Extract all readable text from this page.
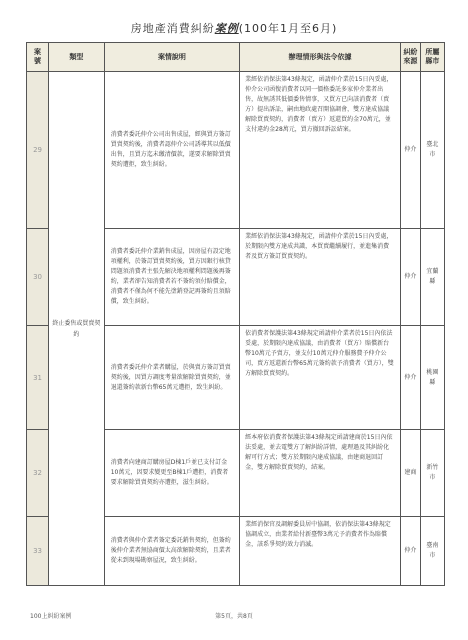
房地產消費糾紛案例(100年1月至6月)
案號	類型	案情說明	辦理情形與法令依據	糾紛來源	所屬縣市

29	終止委售或買賣契約	消費者委託仲介公司出售成屋，經與買方簽訂買賣契約後，消費者認仲介公司誘導其以低價出售，且買方迄未繳清價款，遂要求解除買賣契約遭拒，致生糾紛。	業經依消保法第43條規定，函請仲介業於15日內妥處，仲介公司函復消費者以同一價格委託多家仲介業者出售，故無誘其低價委售情事，又買方已向該消費者（賣方）提出訴訟，嗣由地政處召開協調會，雙方達成協議解除買賣契約，消費者（賣方）返還買約金70萬元，並支付違約金28萬元，買方撤回訴訟結案。	仲介	臺北市
30		消費者委託仲介業銷售成屋，因房屋有設定地項權利，於簽訂買賣契約後，買方因銀行核貸問題須消費者主張先解決地項權利問題後再簽約，業者卻告知消費者若不簽約須付賠償金，消費者不僅為何不能先塗銷登記再簽約且須賠償，致生糾紛。	業經依消保法第43條規定，函請仲介業於15日內妥處，於期限內雙方達成共識，本買賣繼續履行，並進集消費者及買方簽訂買賣契約。	仲介	宜蘭縣
31		消費者委託仲介業者購屋，於與賣方簽訂買賣契約後，因買方調度考量欲解除買賣契約，並退還簽約款新台幣65萬元遭拒，致生糾紛。	依消費者保護法第43條規定函請仲介業者於15日內依法妥處，於期限內達成協議，由消費者（買方）賠償新台幣10萬元予賣方，並支付10萬元仲介服務費予仲介公司，賣方返還新台幣65萬元簽約款予消費者（買方），雙方解除買賣契約。	仲介	桃園縣
32		消費者向建商訂購房屋D棟1戶並已支付訂金10萬元，因要求變更至B棟1戶遭拒，消費者要求解除買賣契約亦遭拒，滋生糾紛。	經本府依消費者保護法第43條規定函請建商於15日內依法妥處，並去電雙方了解糾紛詳情，處理過及其糾紛化解可行方式；雙方於期限內達成協議，由建商退回訂金，雙方解除買賣契約，結案。	建商	新竹市
33		消費者與仲介業者簽定委託銷售契約，但簽約後仲介業者無協商價太高欲解除契約，且業者從未到現場勘察屋況，致生糾紛。	業經消保官及調解委員居中協調，依消保法第43條規定協調成立，由業者給付新臺幣3萬元予消費者作為賠償金，該系爭契約效力消滅。	仲介	臺南市
100上糾紛案例	第5頁，共8頁
